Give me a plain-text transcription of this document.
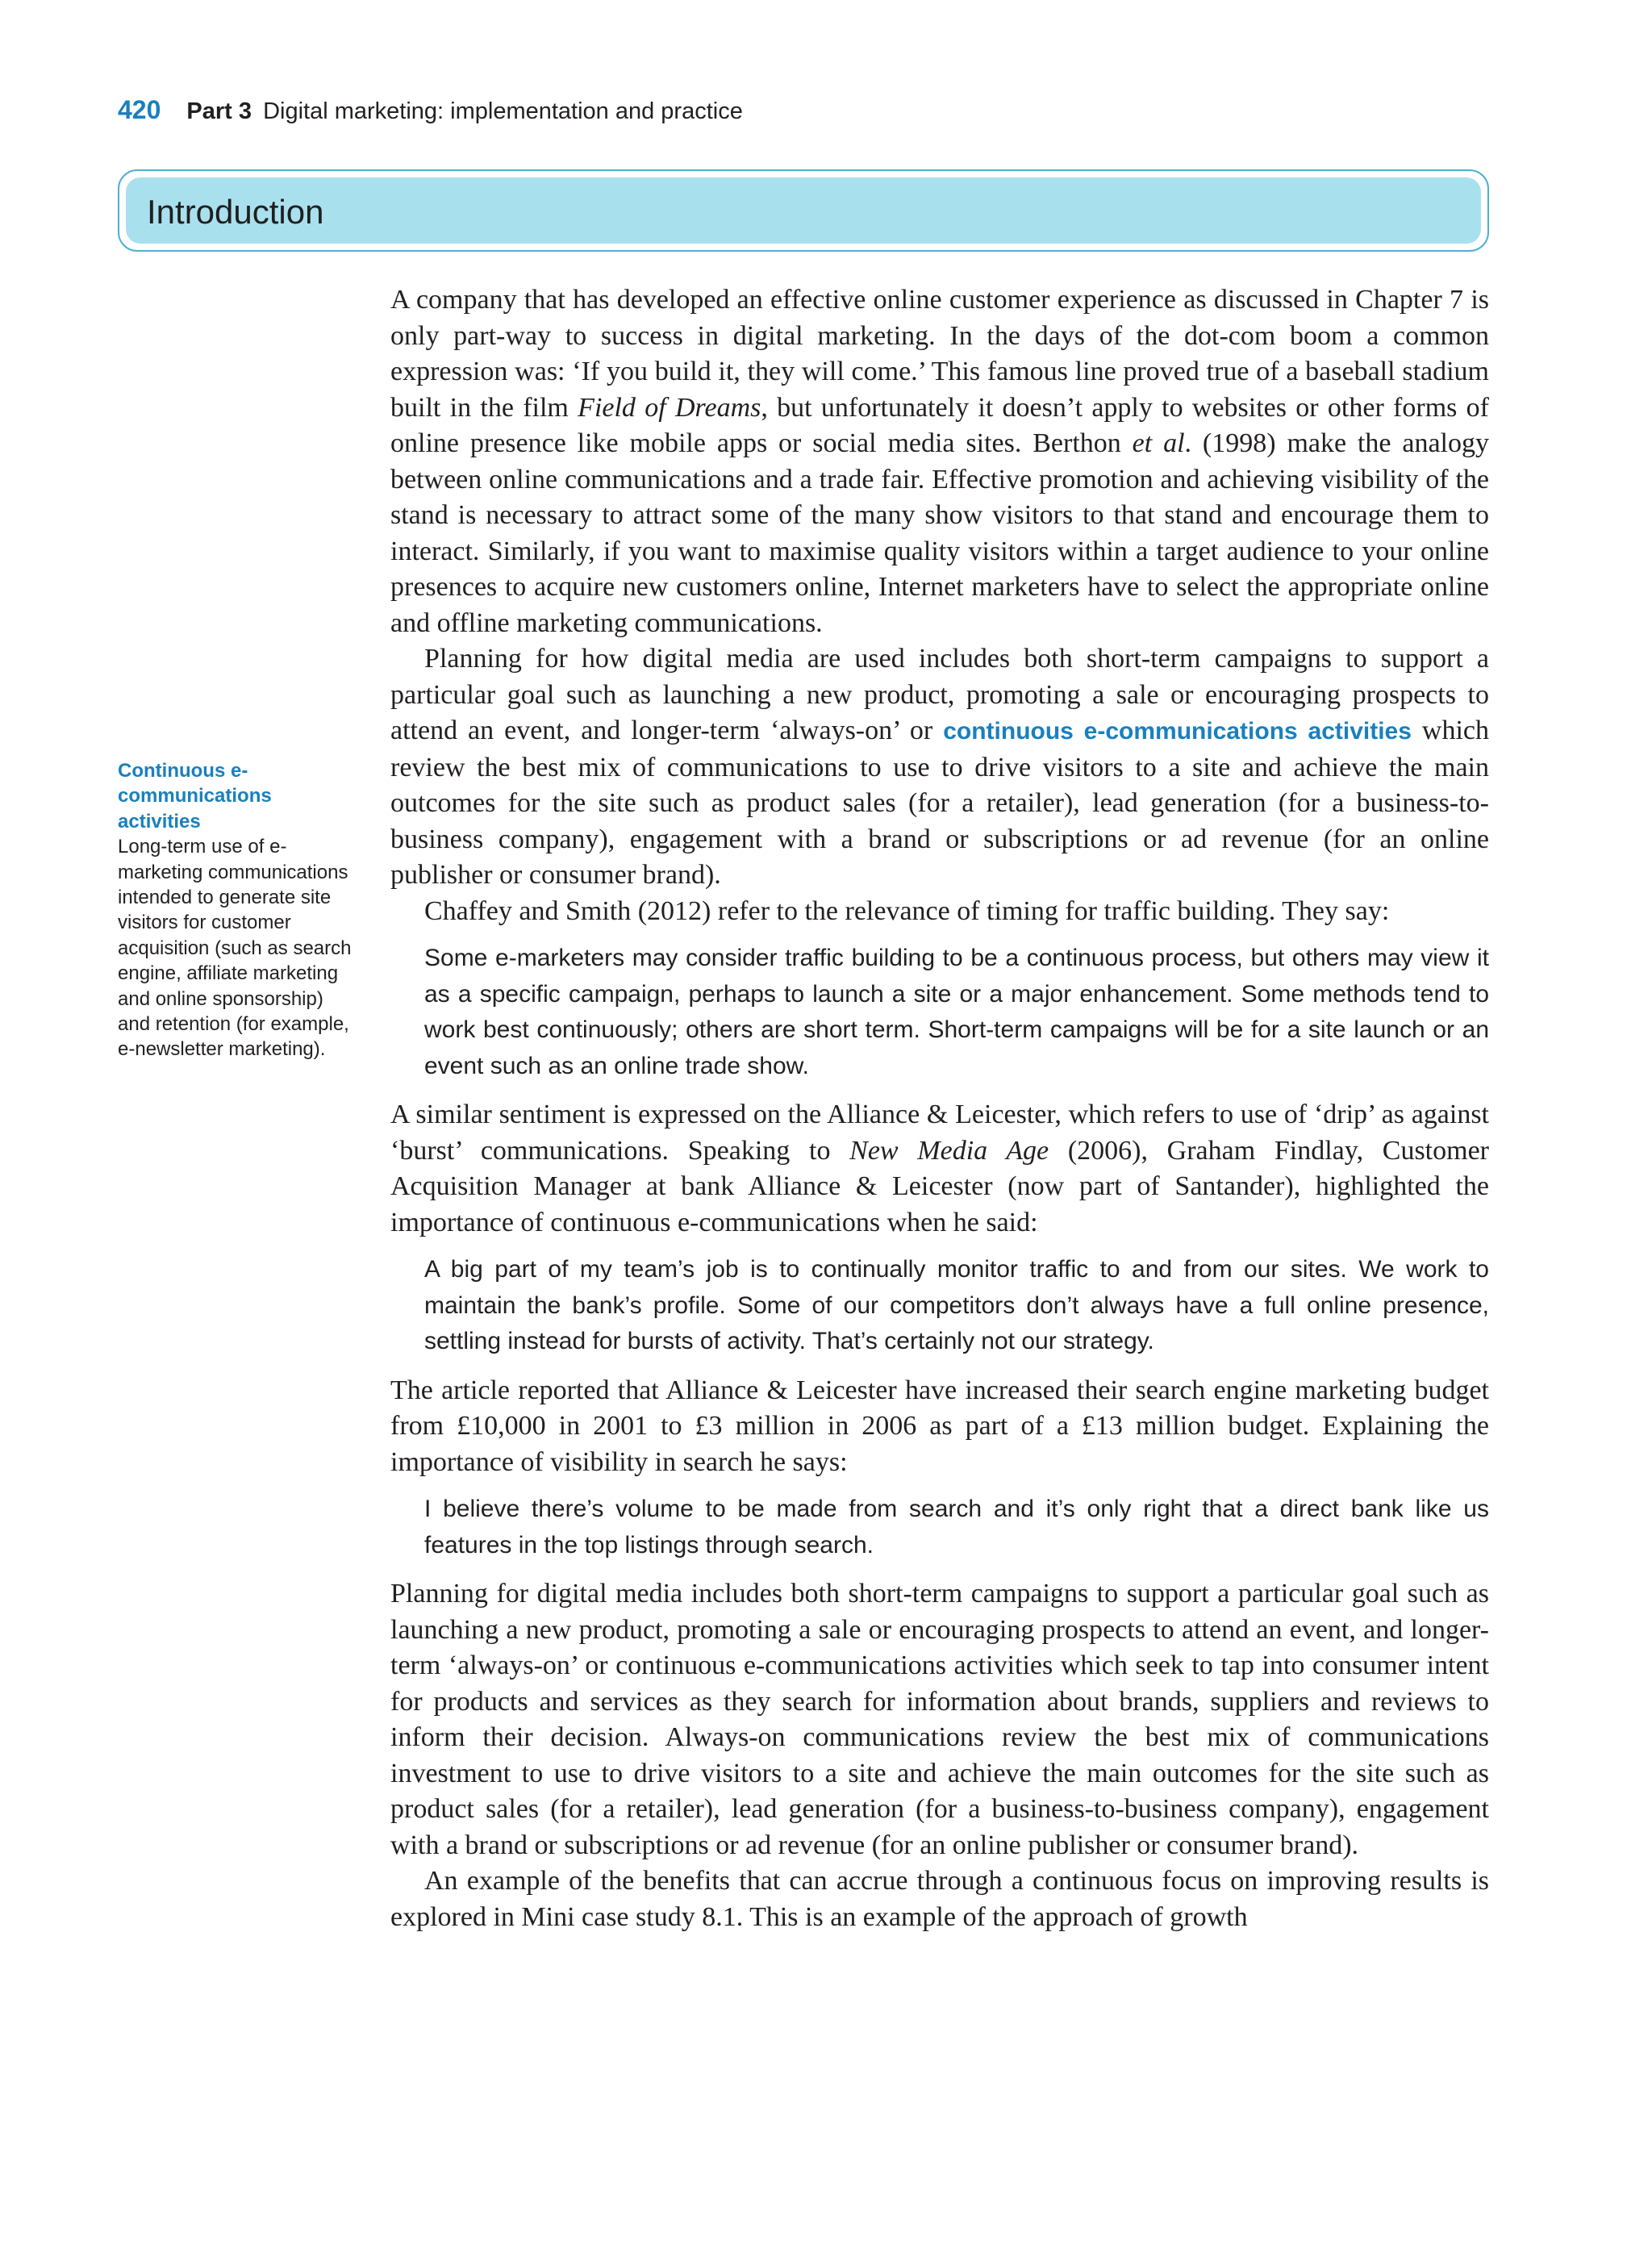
420 Part 3 Digital marketing: implementation and practice
Introduction
Continuous e-communications activities
Long-term use of e-marketing communications intended to generate site visitors for customer acquisition (such as search engine, affiliate marketing and online sponsorship) and retention (for example, e-newsletter marketing).

A company that has developed an effective online customer experience as discussed in Chapter 7 is only part-way to success in digital marketing. In the days of the dot-com boom a common expression was: ‘If you build it, they will come.’ This famous line proved true of a baseball stadium built in the film Field of Dreams, but unfortunately it doesn’t apply to websites or other forms of online presence like mobile apps or social media sites. Berthon et al. (1998) make the analogy between online communications and a trade fair. Effective promotion and achieving visibility of the stand is necessary to attract some of the many show visitors to that stand and encourage them to interact. Similarly, if you want to maximise quality visitors within a target audience to your online presences to acquire new customers online, Internet marketers have to select the appropriate online and offline marketing communications.

Planning for how digital media are used includes both short-term campaigns to support a particular goal such as launching a new product, promoting a sale or encouraging prospects to attend an event, and longer-term ‘always-on’ or continuous e-communications activities which review the best mix of communications to use to drive visitors to a site and achieve the main outcomes for the site such as product sales (for a retailer), lead generation (for a business-to-business company), engagement with a brand or subscriptions or ad revenue (for an online publisher or consumer brand).

Chaffey and Smith (2012) refer to the relevance of timing for traffic building. They say:

Some e-marketers may consider traffic building to be a continuous process, but others may view it as a specific campaign, perhaps to launch a site or a major enhancement. Some methods tend to work best continuously; others are short term. Short-term campaigns will be for a site launch or an event such as an online trade show.

A similar sentiment is expressed on the Alliance & Leicester, which refers to use of ‘drip’ as against ‘burst’ communications. Speaking to New Media Age (2006), Graham Findlay, Customer Acquisition Manager at bank Alliance & Leicester (now part of Santander), highlighted the importance of continuous e-communications when he said:

A big part of my team’s job is to continually monitor traffic to and from our sites. We work to maintain the bank’s profile. Some of our competitors don’t always have a full online presence, settling instead for bursts of activity. That’s certainly not our strategy.

The article reported that Alliance & Leicester have increased their search engine marketing budget from £10,000 in 2001 to £3 million in 2006 as part of a £13 million budget. Explaining the importance of visibility in search he says:

I believe there’s volume to be made from search and it’s only right that a direct bank like us features in the top listings through search.

Planning for digital media includes both short-term campaigns to support a particular goal such as launching a new product, promoting a sale or encouraging prospects to attend an event, and longer-term ‘always-on’ or continuous e-communications activities which seek to tap into consumer intent for products and services as they search for information about brands, suppliers and reviews to inform their decision. Always-on communications review the best mix of communications investment to use to drive visitors to a site and achieve the main outcomes for the site such as product sales (for a retailer), lead generation (for a business-to-business company), engagement with a brand or subscriptions or ad revenue (for an online publisher or consumer brand).

An example of the benefits that can accrue through a continuous focus on improving results is explored in Mini case study 8.1. This is an example of the approach of growth
